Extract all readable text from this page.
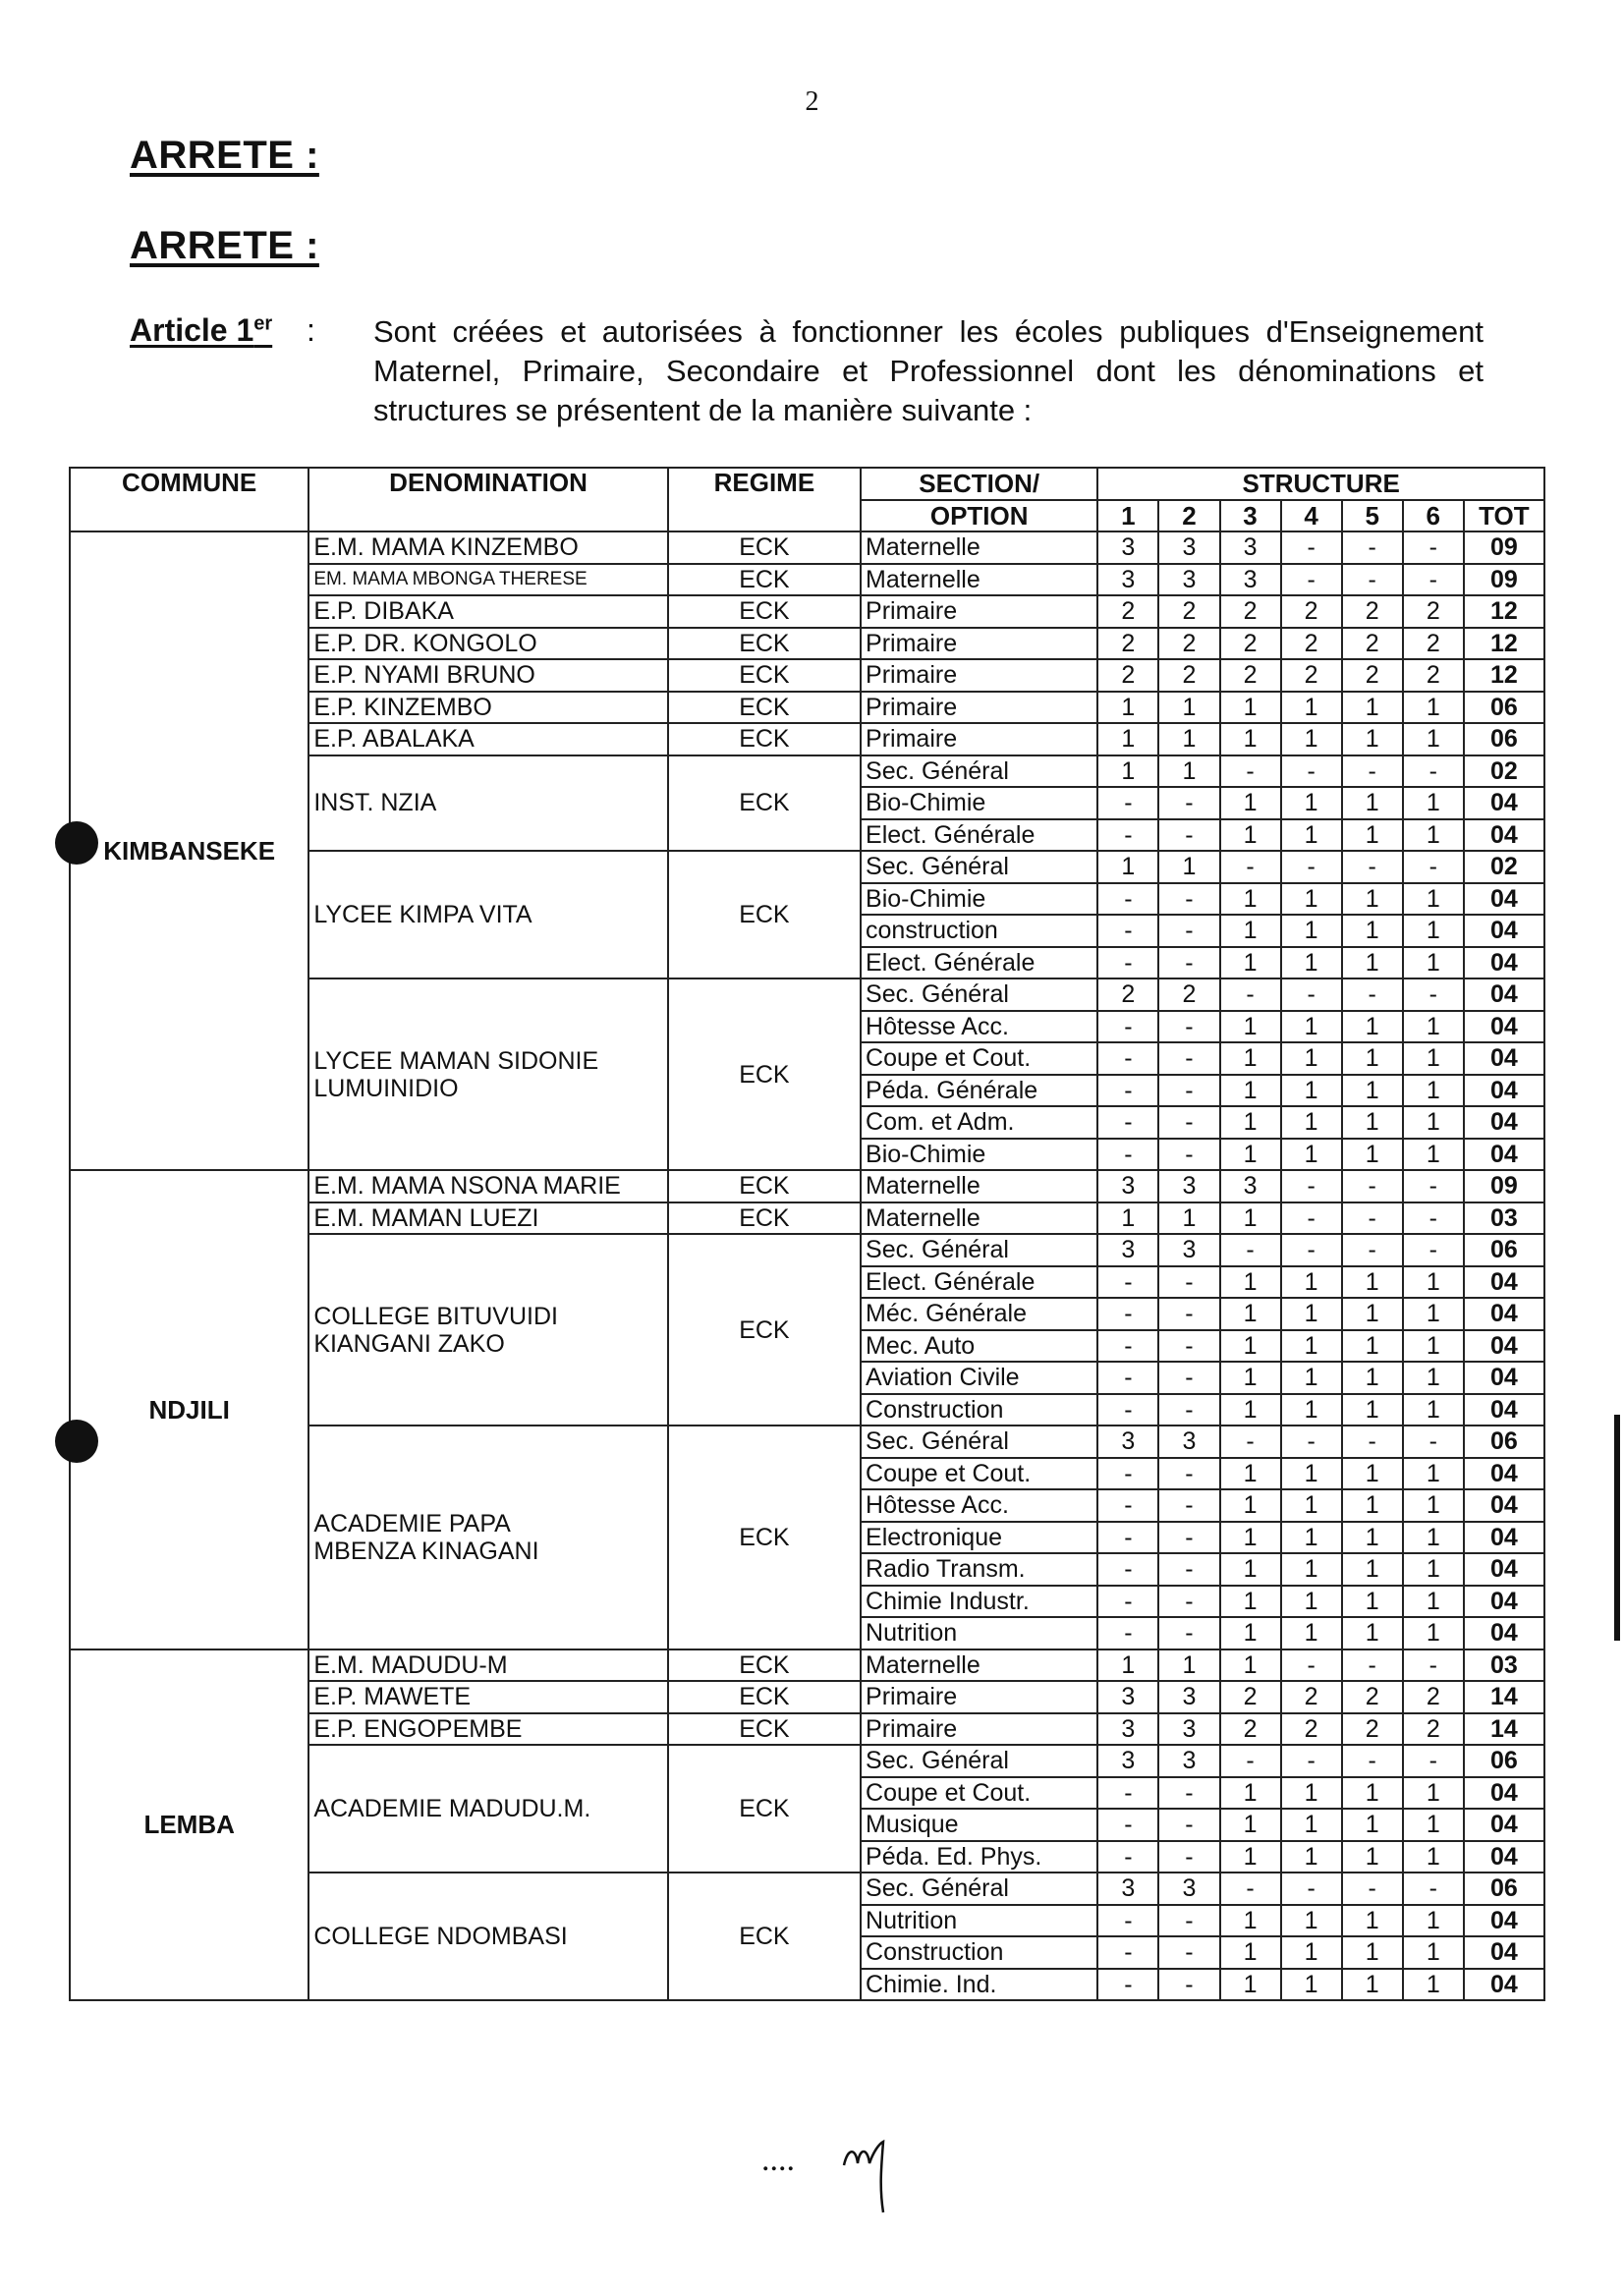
2
ARRETE :
ARRETE :
Article 1er : Sont créées et autorisées à fonctionner les écoles publiques d'Enseignement Maternel, Primaire, Secondaire et Professionnel dont les dénominations et structures se présentent de la manière suivante :
COMMUNE	DENOMINATION	REGIME	SECTION/	STRUCTURE						
			OPTION	1	2	3	4	5	6	TOT
KIMBANSEKE	E.M. MAMA KINZEMBO	ECK	Maternelle	3	3	3	-	-	-	09

	EM. MAMA MBONGA THERESE	ECK	Maternelle	3	3	3	-	-	-	09

	E.P. DIBAKA	ECK	Primaire	2	2	2	2	2	2	12

	E.P. DR. KONGOLO	ECK	Primaire	2	2	2	2	2	2	12

	E.P. NYAMI BRUNO	ECK	Primaire	2	2	2	2	2	2	12

	E.P. KINZEMBO	ECK	Primaire	1	1	1	1	1	1	06

	E.P. ABALAKA	ECK	Primaire	1	1	1	1	1	1	06

	INST. NZIA	ECK	Sec. Général	1	1	-	-	-	-	02
			Bio-Chimie	-	-	1	1	1	1	04
			Elect. Générale	-	-	1	1	1	1	04

	LYCEE KIMPA VITA	ECK	Sec. Général	1	1	-	-	-	-	02
			Bio-Chimie	-	-	1	1	1	1	04
			construction	-	-	1	1	1	1	04
			Elect. Générale	-	-	1	1	1	1	04

	LYCEE MAMAN SIDONIE
LUMUINIDIO	ECK	Sec. Général	2	2	-	-	-	-	04
			Hôtesse Acc.	-	-	1	1	1	1	04
			Coupe et Cout.	-	-	1	1	1	1	04
			Péda. Générale	-	-	1	1	1	1	04
			Com. et Adm.	-	-	1	1	1	1	04
			Bio-Chimie	-	-	1	1	1	1	04
NDJILI	E.M. MAMA NSONA MARIE	ECK	Maternelle	3	3	3	-	-	-	09

	E.M. MAMAN LUEZI	ECK	Maternelle	1	1	1	-	-	-	03

	COLLEGE BITUVUIDI
KIANGANI ZAKO	ECK	Sec. Général	3	3	-	-	-	-	06
			Elect. Générale	-	-	1	1	1	1	04
			Méc. Générale	-	-	1	1	1	1	04
			Mec. Auto	-	-	1	1	1	1	04
			Aviation Civile	-	-	1	1	1	1	04
			Construction	-	-	1	1	1	1	04

	ACADEMIE PAPA
MBENZA KINAGANI	ECK	Sec. Général	3	3	-	-	-	-	06
			Coupe et Cout.	-	-	1	1	1	1	04
			Hôtesse Acc.	-	-	1	1	1	1	04
			Electronique	-	-	1	1	1	1	04
			Radio Transm.	-	-	1	1	1	1	04
			Chimie Industr.	-	-	1	1	1	1	04
			Nutrition	-	-	1	1	1	1	04
LEMBA	E.M. MADUDU-M	ECK	Maternelle	1	1	1	-	-	-	03

	E.P. MAWETE	ECK	Primaire	3	3	2	2	2	2	14

	E.P. ENGOPEMBE	ECK	Primaire	3	3	2	2	2	2	14

	ACADEMIE MADUDU.M.	ECK	Sec. Général	3	3	-	-	-	-	06
			Coupe et Cout.	-	-	1	1	1	1	04
			Musique	-	-	1	1	1	1	04
			Péda. Ed. Phys.	-	-	1	1	1	1	04

	COLLEGE NDOMBASI	ECK	Sec. Général	3	3	-	-	-	-	06
			Nutrition	-	-	1	1	1	1	04
			Construction	-	-	1	1	1	1	04
			Chimie. Ind.	-	-	1	1	1	1	04
....
